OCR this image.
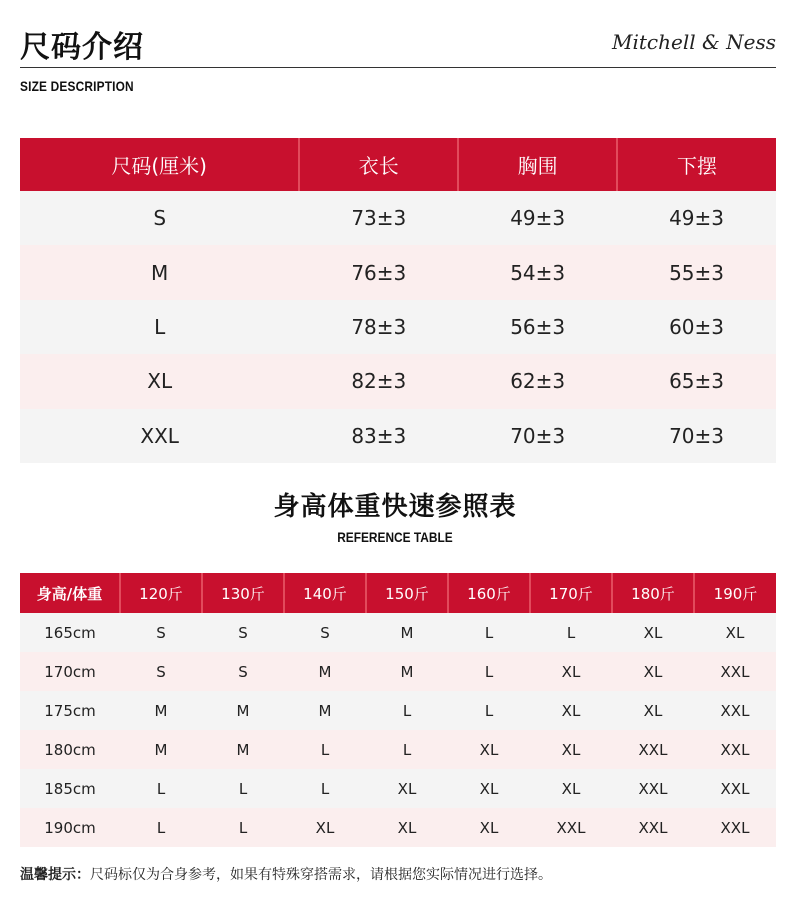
尺码介绍	Mitchell & Ness
SIZE DESCRIPTION
尺码(厘米)	衣长	胸围	下摆
S	73±3	49±3	49±3
M	76±3	54±3	55±3
L	78±3	56±3	60±3
XL	82±3	62±3	65±3
XXL	83±3	70±3	70±3
身高体重快速参照表
REFERENCE TABLE
身高/体重	120斤	130斤	140斤	150斤	160斤	170斤	180斤	190斤
165cm	S	S	S	M	L	L	XL	XL
170cm	S	S	M	M	L	XL	XL	XXL
175cm	M	M	M	L	L	XL	XL	XXL
180cm	M	M	L	L	XL	XL	XXL	XXL
185cm	L	L	L	XL	XL	XL	XXL	XXL
190cm	L	L	XL	XL	XL	XXL	XXL	XXL
温馨提示：尺码标仅为合身参考，如果有特殊穿搭需求，请根据您实际情况进行选择。
